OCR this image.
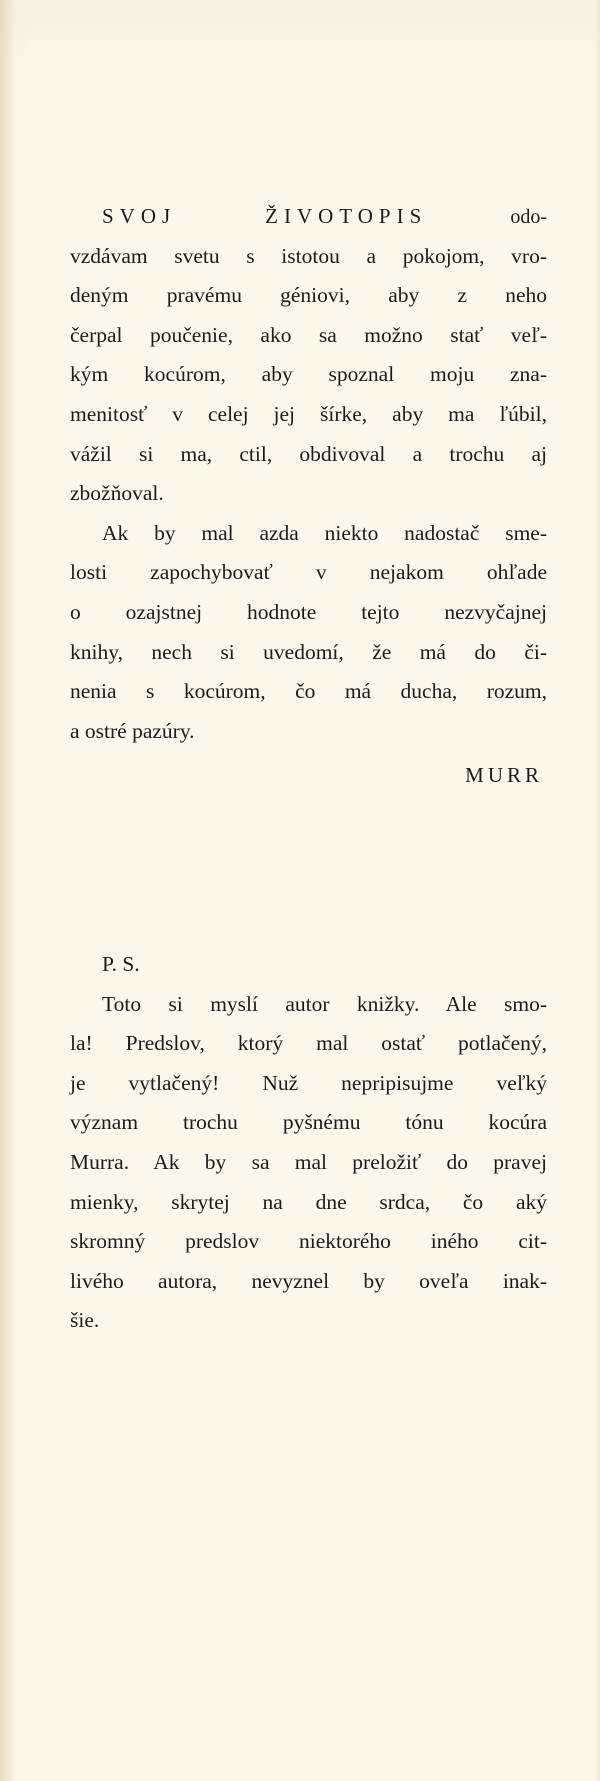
SVOJ ŽIVOTOPIS	odo-
vzdávam svetu s istotou a pokojom, vro-
deným pravému géniovi, aby z neho
čerpal poučenie, ako sa možno stať veľ-
kým kocúrom, aby spoznal moju zna-
menitosť v celej jej šírke, aby ma ľúbil,
vážil si ma, ctil, obdivoval a trochu aj
zbožňoval.
Ak by mal azda niekto nadostač sme-
losti zapochybovať v nejakom ohľade
o ozajstnej hodnote tejto nezvyčajnej
knihy, nech si uvedomí, že má do či-
nenia s kocúrom, čo má ducha, rozum,
a ostré pazúry.
MURR
P. S.
Toto si myslí autor knižky. Ale smo-
la! Predslov, ktorý mal ostať potlačený,
je vytlačený! Nuž nepripisujme veľký
význam trochu pyšnému tónu kocúra
Murra. Ak by sa mal preložiť do pravej
mienky, skrytej na dne srdca, čo aký
skromný predslov niektorého iného cit-
livého autora, nevyznel by oveľa inak-
šie.
